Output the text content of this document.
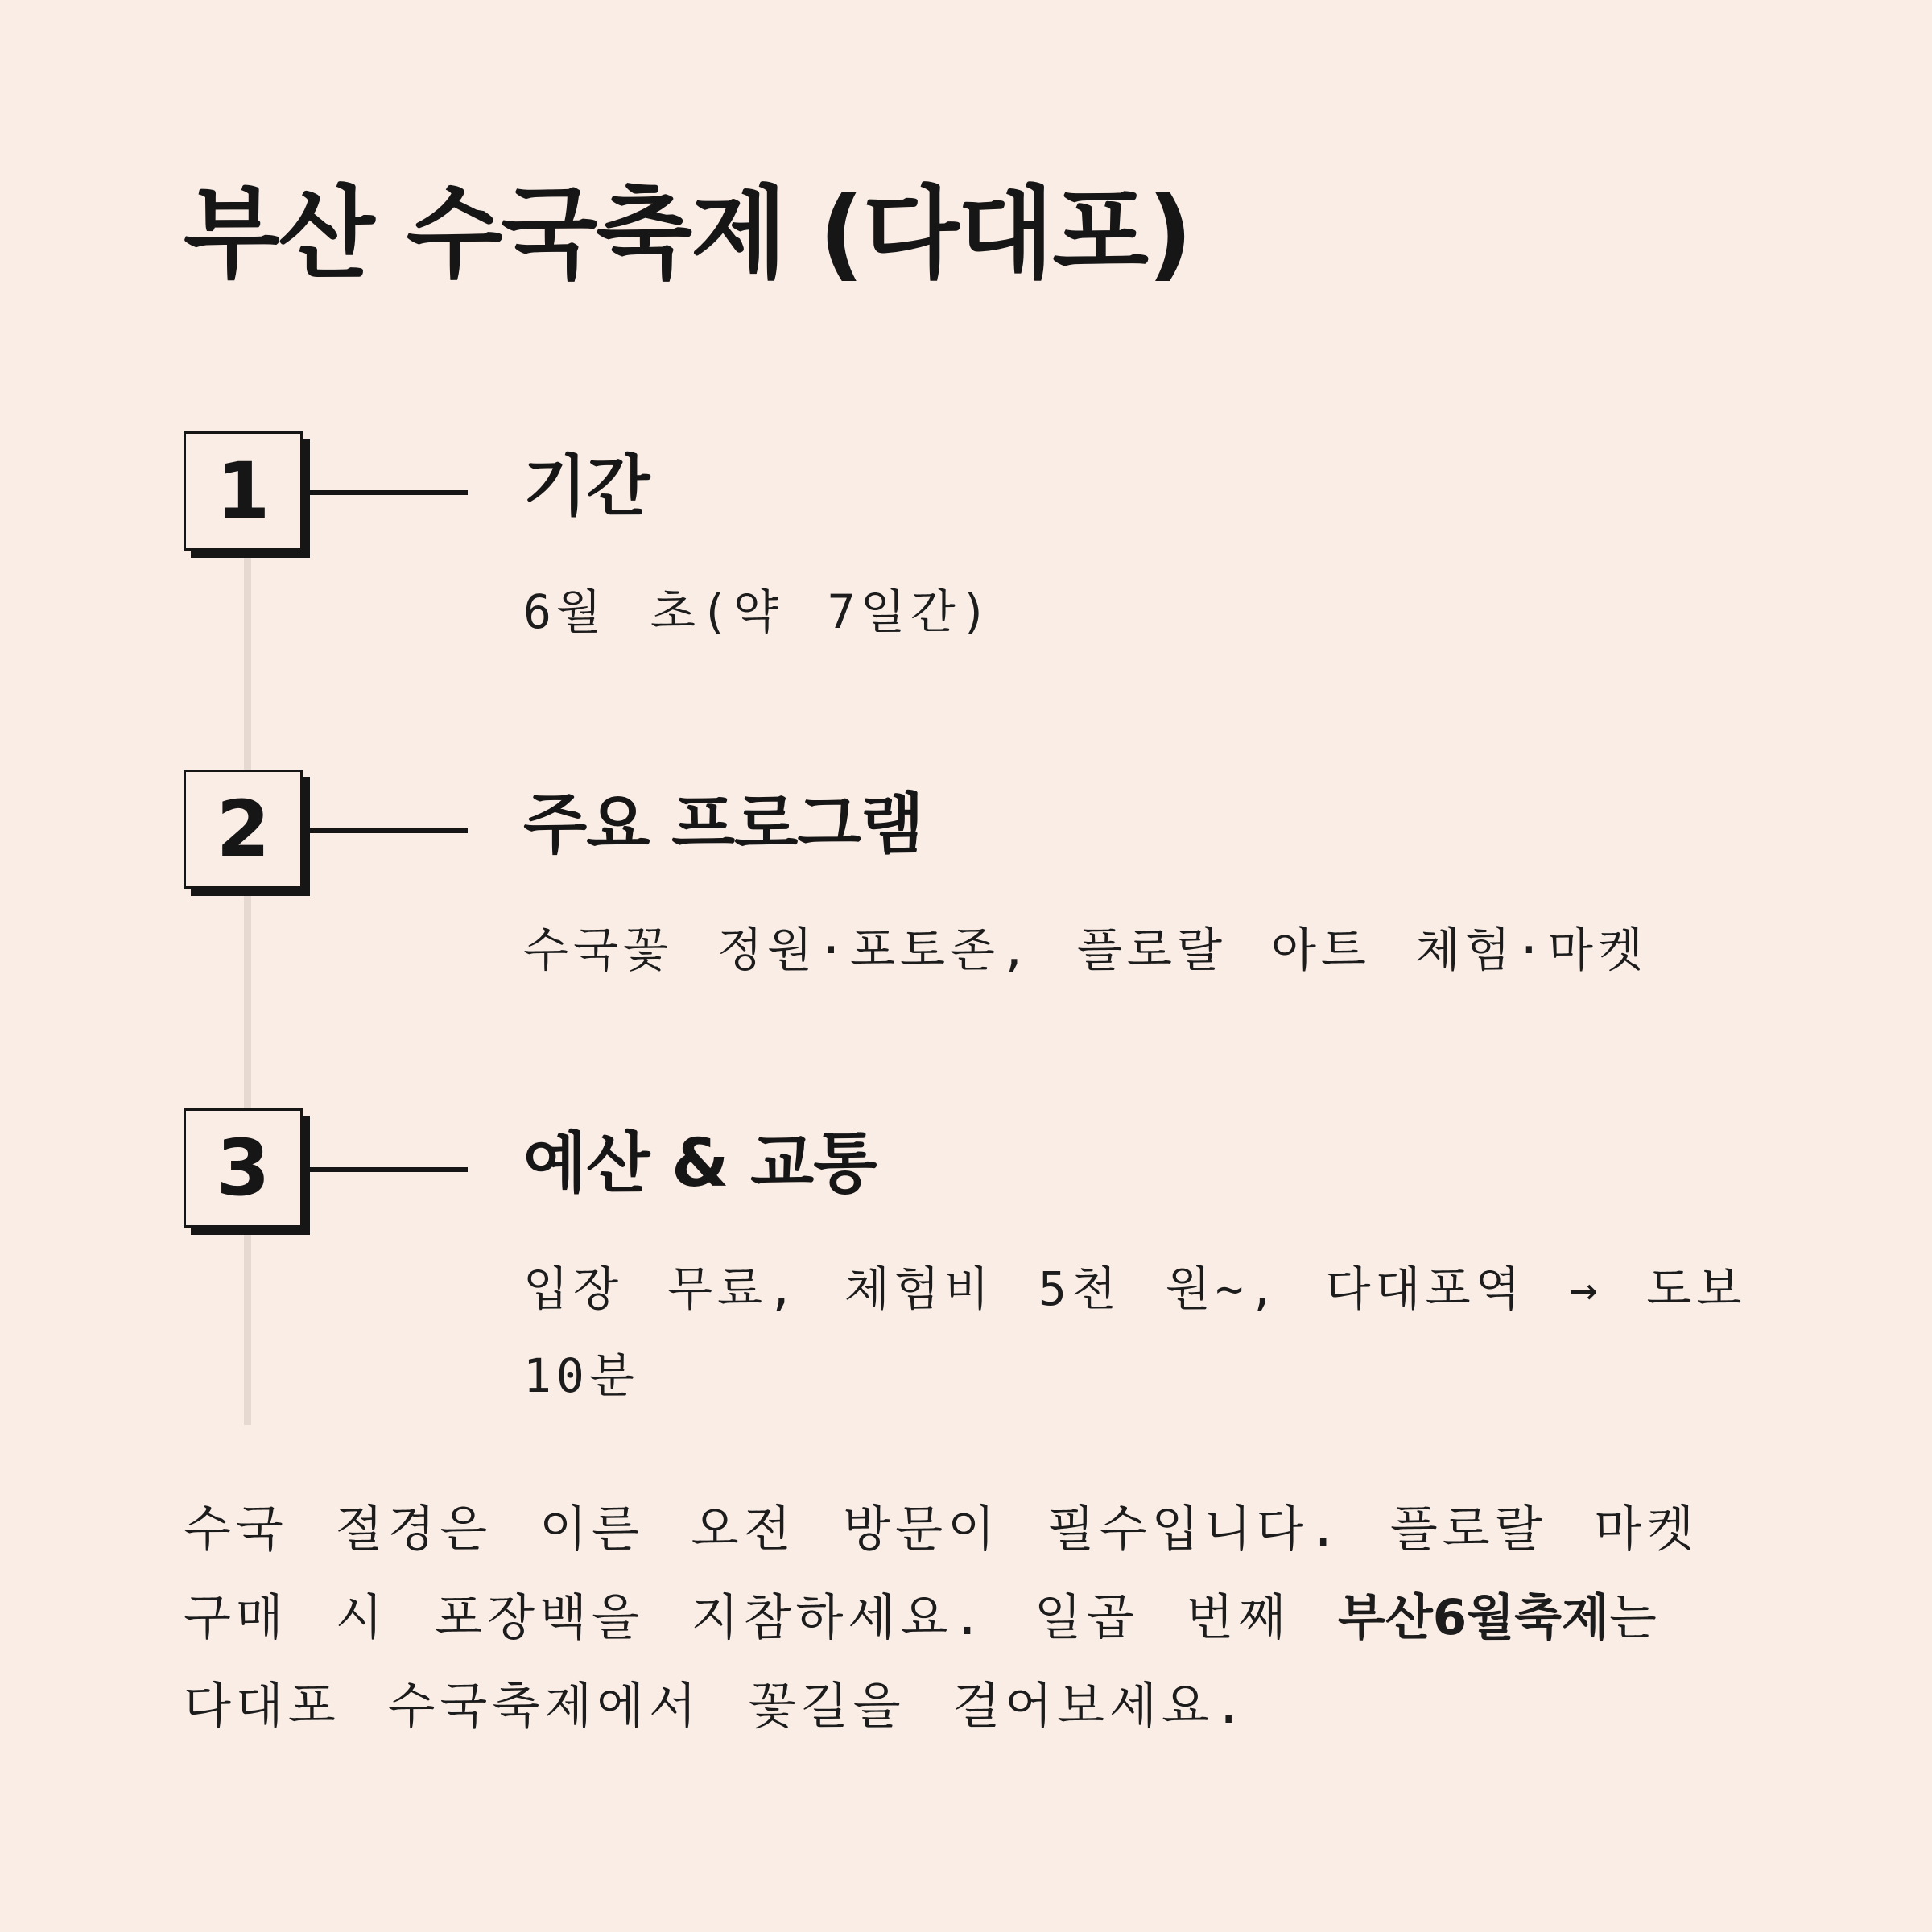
부산 수국축제 (다대포)
1	기간
6월 초(약 7일간)
2	주요 프로그램
수국꽃 정원·포토존, 플로랄 아트 체험·마켓
3	예산 & 교통
입장 무료, 체험비 5천 원~, 다대포역 → 도보 10분
수국 절경은 이른 오전 방문이 필수입니다. 플로랄 마켓 구매 시 포장백을 지참하세요. 일곱 번째 부산6월축제는 다대포 수국축제에서 꽃길을 걸어보세요.
